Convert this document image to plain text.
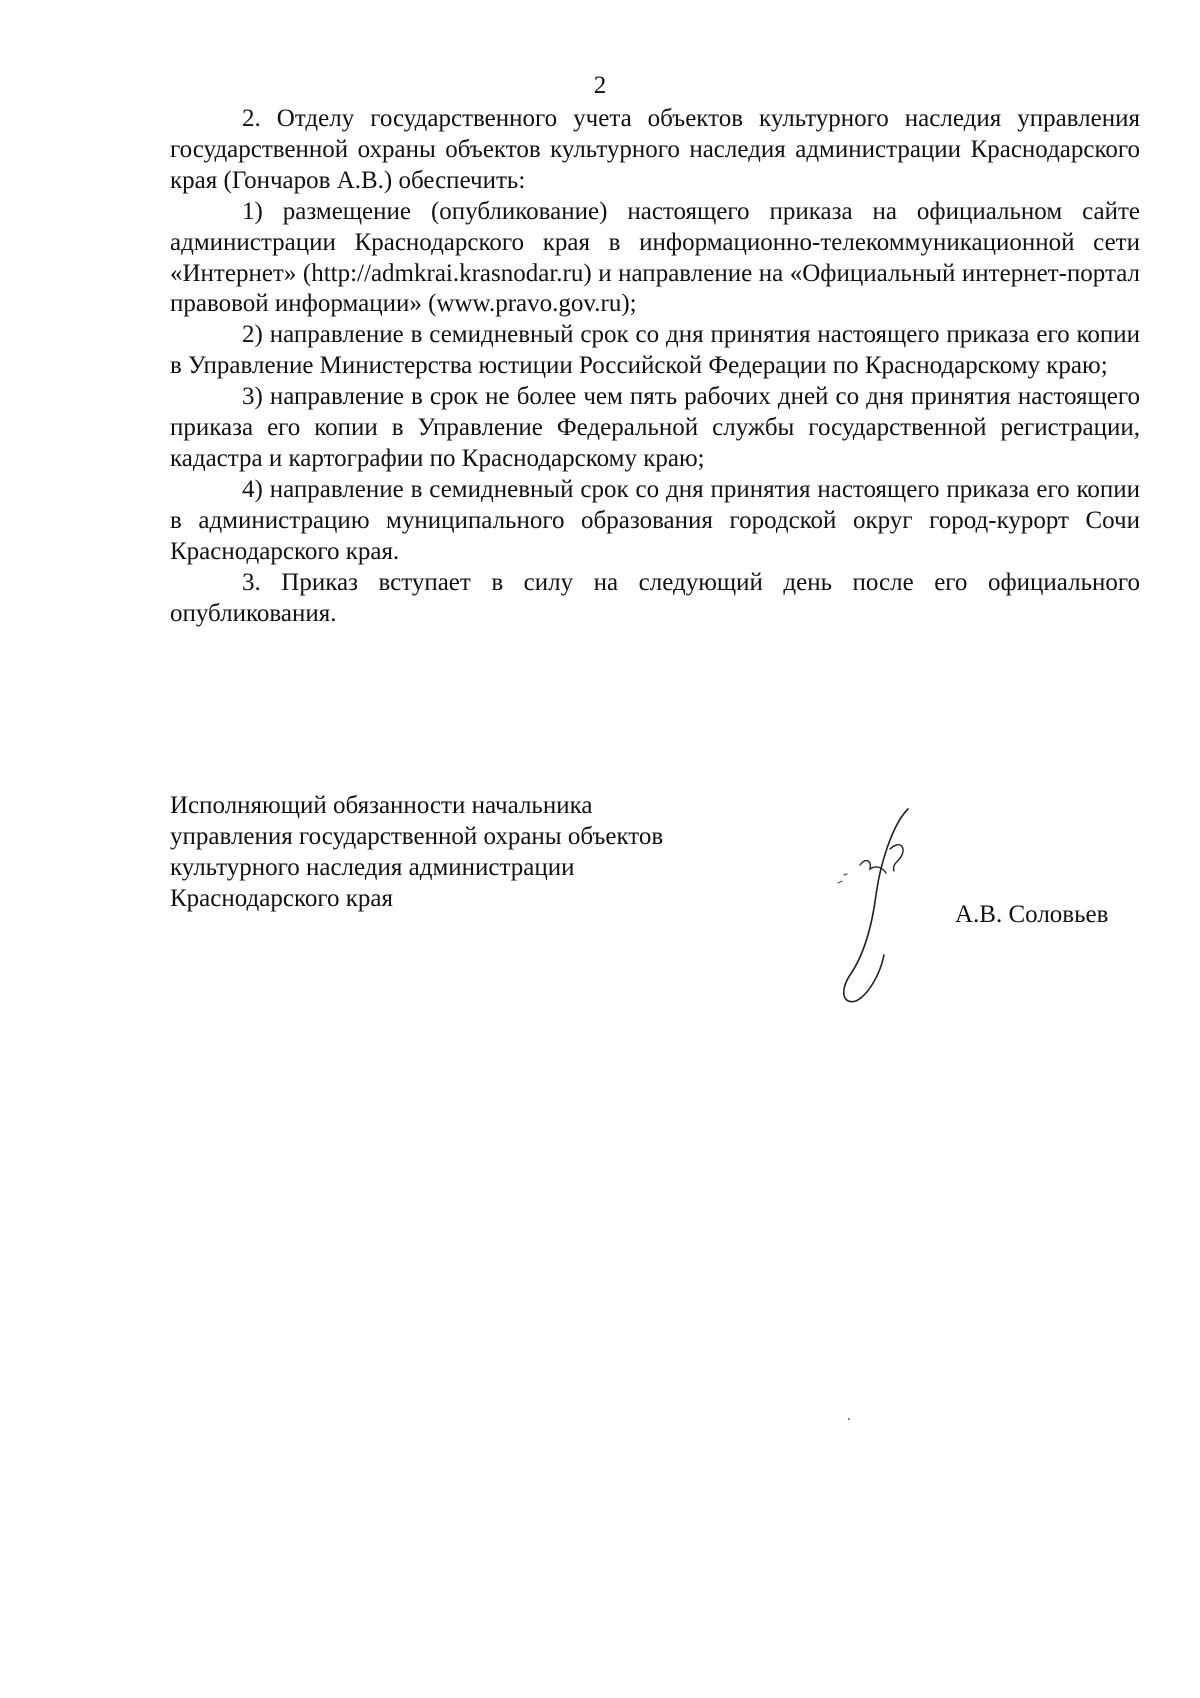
2

2. Отделу государственного учета объектов культурного наследия управления государственной охраны объектов культурного наследия администрации Краснодарского края (Гончаров А.В.) обеспечить:

1) размещение (опубликование) настоящего приказа на официальном сайте администрации Краснодарского края в информационно-телекоммуникационной сети «Интернет» (http://admkrai.krasnodar.ru) и направление на «Официальный интернет-портал правовой информации» (www.pravo.gov.ru);

2) направление в семидневный срок со дня принятия настоящего приказа его копии в Управление Министерства юстиции Российской Федерации по Краснодарскому краю;

3) направление в срок не более чем пять рабочих дней со дня принятия настоящего приказа его копии в Управление Федеральной службы государственной регистрации, кадастра и картографии по Краснодарскому краю;

4) направление в семидневный срок со дня принятия настоящего приказа его копии в администрацию муниципального образования городской округ город-курорт Сочи Краснодарского края.

3. Приказ вступает в силу на следующий день после его официального опубликования.

Исполняющий обязанности начальника
управления государственной охраны объектов
культурного наследия администрации
Краснодарского края
А.В. Соловьев
